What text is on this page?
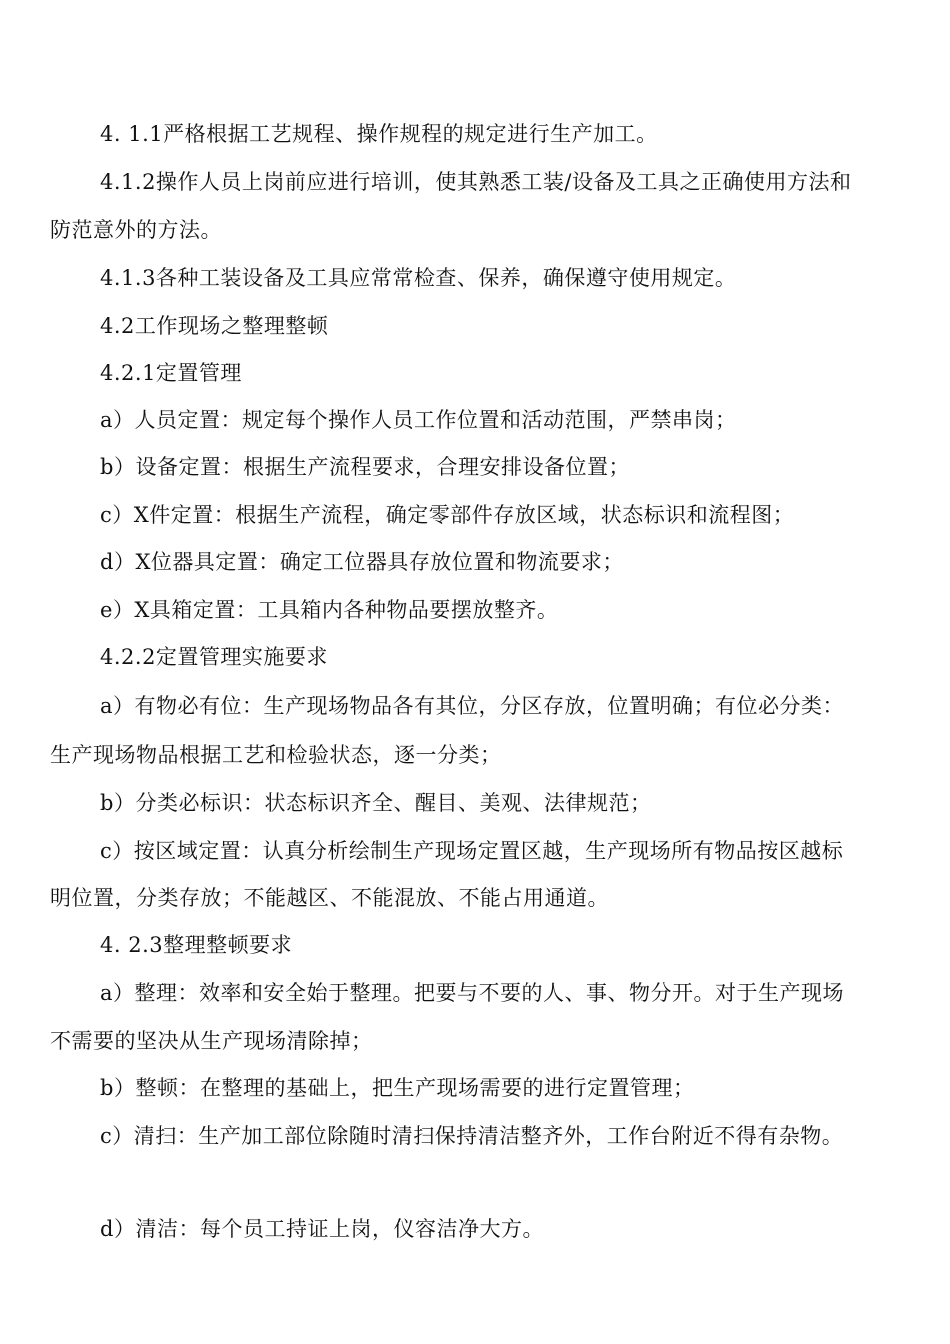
4. 1.1严格根据工艺规程、操作规程的规定进行生产加工。
4.1.2操作人员上岗前应进行培训，使其熟悉工装/设备及工具之正确使用方法和
防范意外的方法。
4.1.3各种工装设备及工具应常常检查、保养，确保遵守使用规定。
4.2工作现场之整理整顿
4.2.1定置管理
a）人员定置：规定每个操作人员工作位置和活动范围，严禁串岗；
b）设备定置：根据生产流程要求，合理安排设备位置；
c）X件定置：根据生产流程，确定零部件存放区域，状态标识和流程图；
d）X位器具定置：确定工位器具存放位置和物流要求；
e）X具箱定置：工具箱内各种物品要摆放整齐。
4.2.2定置管理实施要求
a）有物必有位：生产现场物品各有其位，分区存放，位置明确；有位必分类：
生产现场物品根据工艺和检验状态，逐一分类；
b）分类必标识：状态标识齐全、醒目、美观、法律规范；
c）按区域定置：认真分析绘制生产现场定置区越，生产现场所有物品按区越标
明位置，分类存放；不能越区、不能混放、不能占用通道。
4. 2.3整理整顿要求
a）整理：效率和安全始于整理。把要与不要的人、事、物分开。对于生产现场
不需要的坚决从生产现场清除掉；
b）整顿：在整理的基础上，把生产现场需要的进行定置管理；
c）清扫：生产加工部位除随时清扫保持清洁整齐外，工作台附近不得有杂物。
d）清洁：每个员工持证上岗，仪容洁净大方。
